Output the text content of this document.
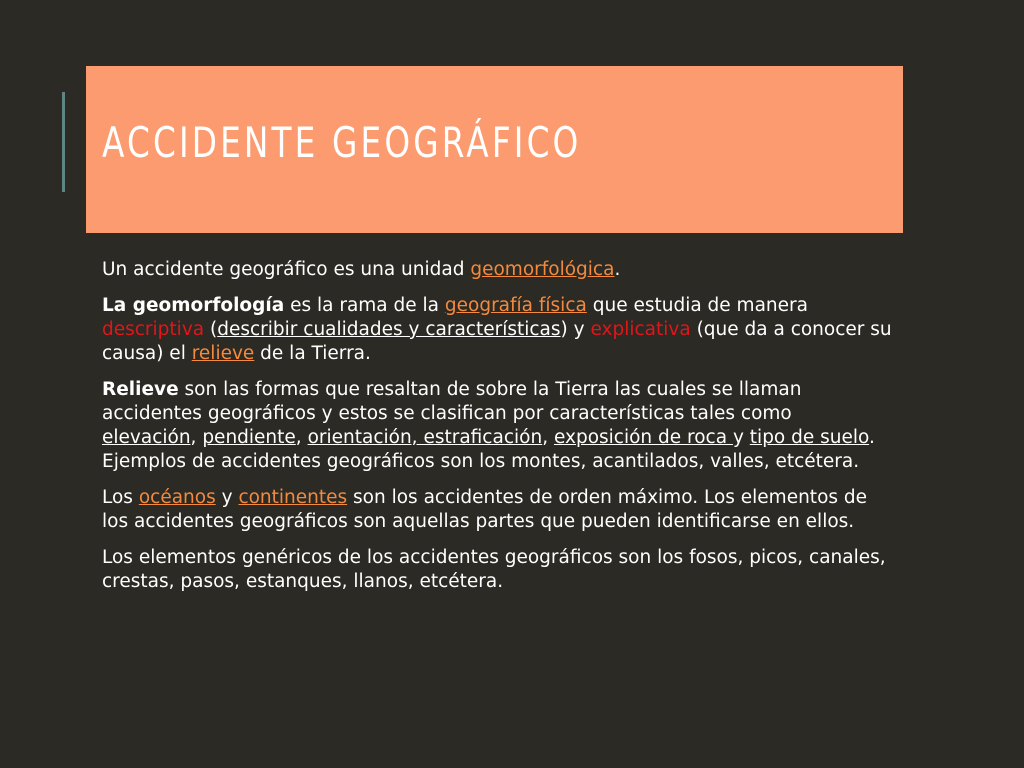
ACCIDENTE GEOGRÁFICO

Un accidente geográfico es una unidad geomorfológica.

La geomorfología es la rama de la geografía física que estudia de manera descriptiva (describir cualidades y características) y explicativa (que da a conocer su causa) el relieve de la Tierra.

Relieve son las formas que resaltan de sobre la Tierra las cuales se llaman accidentes geográficos y estos se clasifican por características tales como elevación, pendiente, orientación, estraficación, exposición de roca y tipo de suelo. Ejemplos de accidentes geográficos son los montes, acantilados, valles, etcétera.

Los océanos y continentes son los accidentes de orden máximo. Los elementos de los accidentes geográficos son aquellas partes que pueden identificarse en ellos.

Los elementos genéricos de los accidentes geográficos son los fosos, picos, canales, crestas, pasos, estanques, llanos, etcétera.
